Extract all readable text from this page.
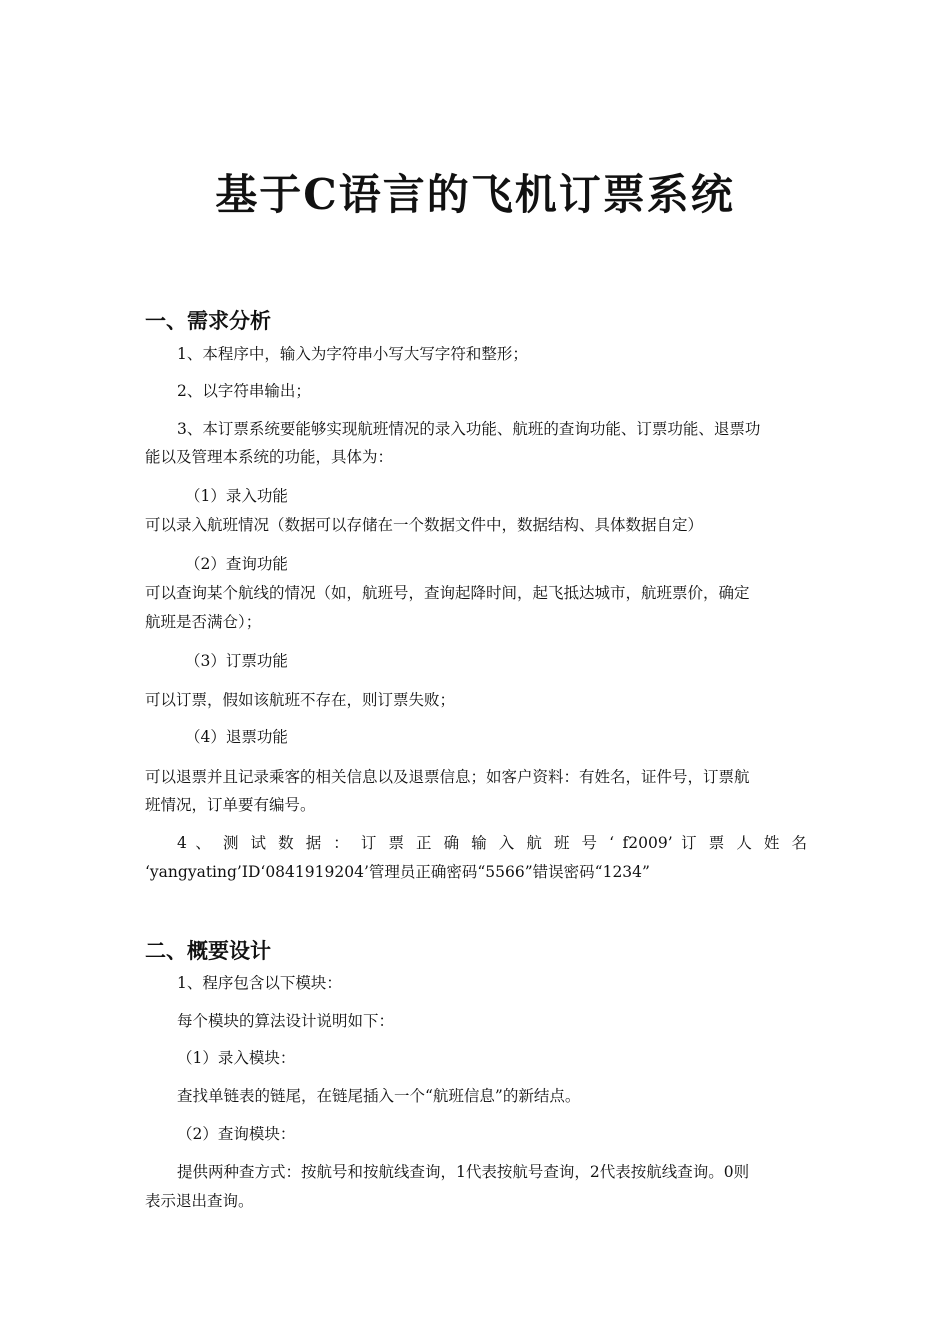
基于C语言的飞机订票系统
一、需求分析
1、本程序中，输入为字符串小写大写字符和整形；
2、以字符串输出；
3、本订票系统要能够实现航班情况的录入功能、航班的查询功能、订票功能、退票功
能以及管理本系统的功能，具体为：
（1）录入功能
可以录入航班情况（数据可以存储在一个数据文件中，数据结构、具体数据自定）
（2）查询功能
可以查询某个航线的情况（如，航班号，查询起降时间，起飞抵达城市，航班票价，确定
航班是否满仓）；
（3）订票功能
可以订票，假如该航班不存在，则订票失败；
（4）退票功能
可以退票并且记录乘客的相关信息以及退票信息；如客户资料：有姓名，证件号，订票航
班情况，订单要有编号。
4 、 测 试 数 据 ： 订 票 正 确 输 入 航 班 号 ‘ f2009’ 订 票 人 姓 名
‘yangyating’ID‘0841919204’管理员正确密码“5566”错误密码“1234”
二、概要设计
1、程序包含以下模块：
每个模块的算法设计说明如下：
（1）录入模块：
查找单链表的链尾，在链尾插入一个“航班信息”的新结点。
（2）查询模块：
提供两种查方式：按航号和按航线查询，1代表按航号查询，2代表按航线查询。0则
表示退出查询。
